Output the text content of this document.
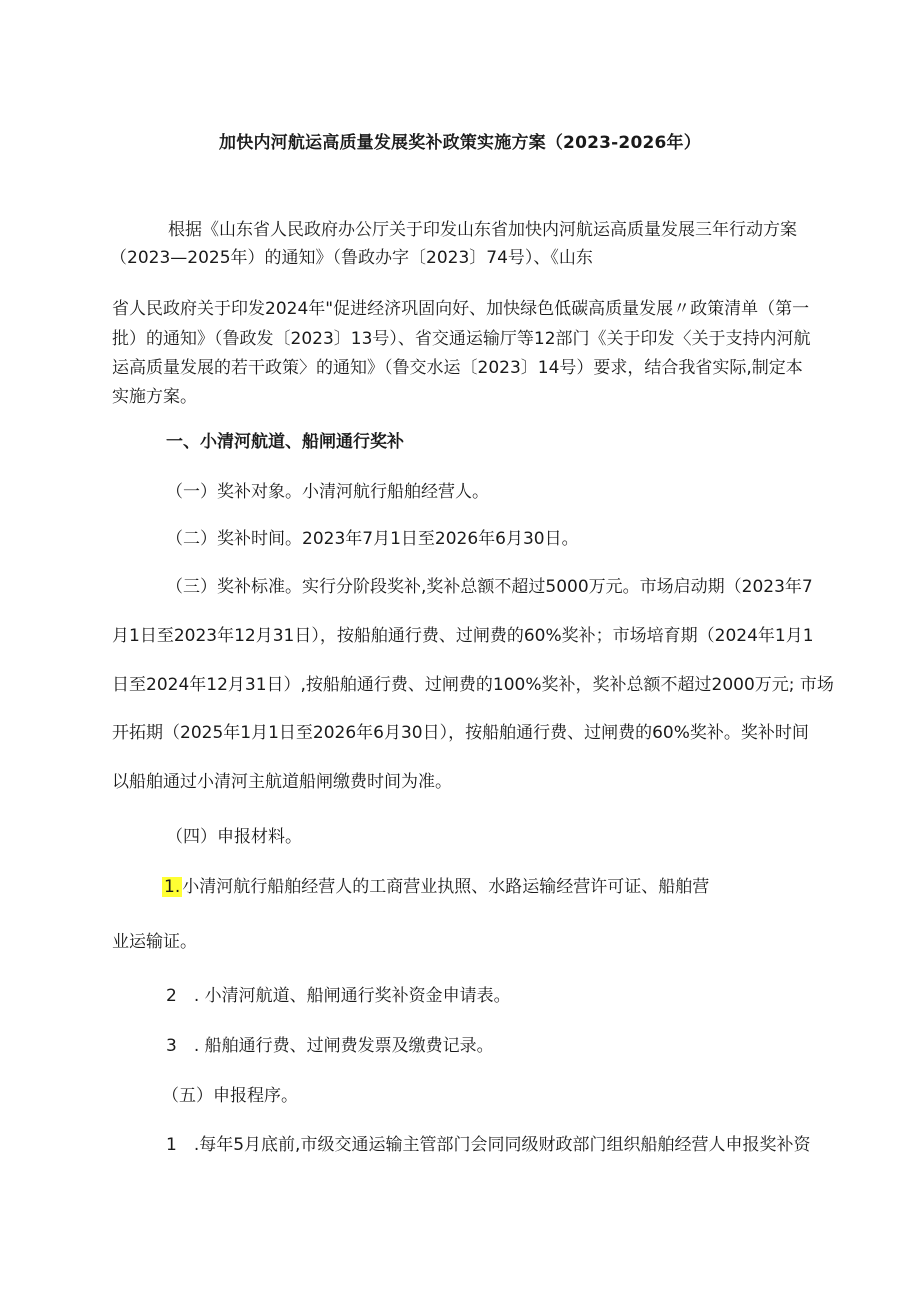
加快内河航运高质量发展奖补政策实施方案（2023-2026年）
根据《山东省人民政府办公厅关于印发山东省加快内河航运高质量发展三年行动方案
（2023—2025年）的通知》（鲁政办字〔2023〕74号）、《山东
省人民政府关于印发2024年"促进经济巩固向好、加快绿色低碳高质量发展〃政策清单（第一
批）的通知》（鲁政发〔2023〕13号）、省交通运输厅等12部门《关于印发〈关于支持内河航
运高质量发展的若干政策〉的通知》（鲁交水运〔2023〕14号）要求，结合我省实际,制定本
实施方案。
一、小清河航道、船闸通行奖补
（一）奖补对象。小清河航行船舶经营人。
（二）奖补时间。2023年7月1日至2026年6月30日。
（三）奖补标准。实行分阶段奖补,奖补总额不超过5000万元。市场启动期（2023年7
月1日至2023年12月31日），按船舶通行费、过闸费的60%奖补；市场培育期（2024年1月1
日至2024年12月31日）,按船舶通行费、过闸费的100%奖补，奖补总额不超过2000万元; 市场
开拓期（2025年1月1日至2026年6月30日），按船舶通行费、过闸费的60%奖补。奖补时间
以船舶通过小清河主航道船闸缴费时间为准。
（四）申报材料。
1. 小清河航行船舶经营人的工商营业执照、水路运输经营许可证、船舶营
业运输证。
2　. 小清河航道、船闸通行奖补资金申请表。
3　. 船舶通行费、过闸费发票及缴费记录。
（五）申报程序。
1　.每年5月底前,市级交通运输主管部门会同同级财政部门组织船舶经营人申报奖补资
